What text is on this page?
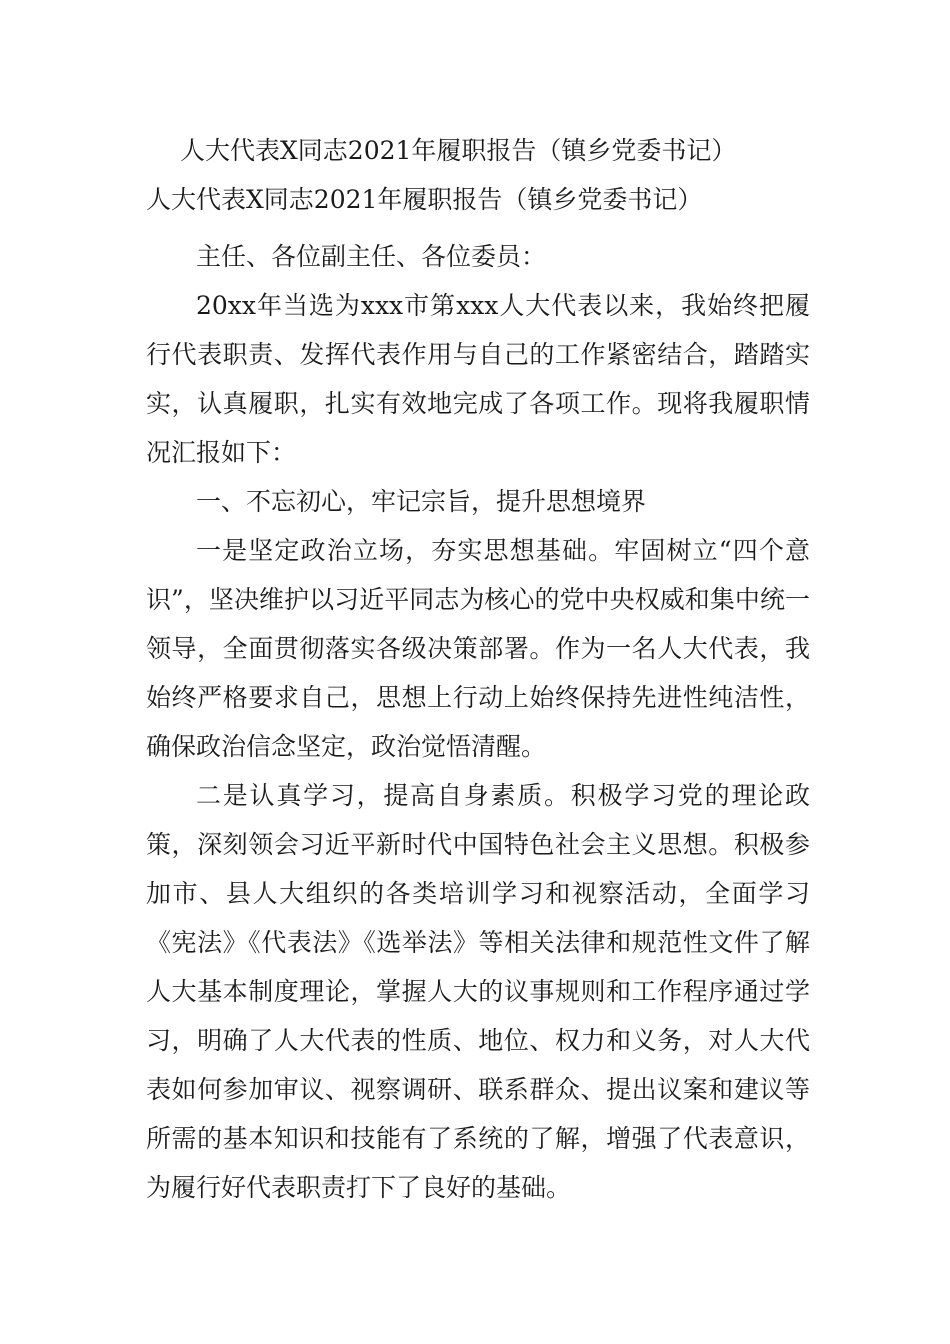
人大代表X同志2021年履职报告（镇乡党委书记）
人大代表X同志2021年履职报告（镇乡党委书记）

主任、各位副主任、各位委员：

20xx年当选为xxx市第xxx人大代表以来，我始终把履行代表职责、发挥代表作用与自己的工作紧密结合，踏踏实实，认真履职，扎实有效地完成了各项工作。现将我履职情况汇报如下：

一、不忘初心，牢记宗旨，提升思想境界

一是坚定政治立场，夯实思想基础。牢固树立“四个意识”，坚决维护以习近平同志为核心的党中央权威和集中统一领导，全面贯彻落实各级决策部署。作为一名人大代表，我始终严格要求自己，思想上行动上始终保持先进性纯洁性，确保政治信念坚定，政治觉悟清醒。

二是认真学习，提高自身素质。积极学习党的理论政策，深刻领会习近平新时代中国特色社会主义思想。积极参加市、县人大组织的各类培训学习和视察活动，全面学习《宪法》《代表法》《选举法》等相关法律和规范性文件了解人大基本制度理论，掌握人大的议事规则和工作程序通过学习，明确了人大代表的性质、地位、权力和义务，对人大代表如何参加审议、视察调研、联系群众、提出议案和建议等所需的基本知识和技能有了系统的了解，增强了代表意识，为履行好代表职责打下了良好的基础。
